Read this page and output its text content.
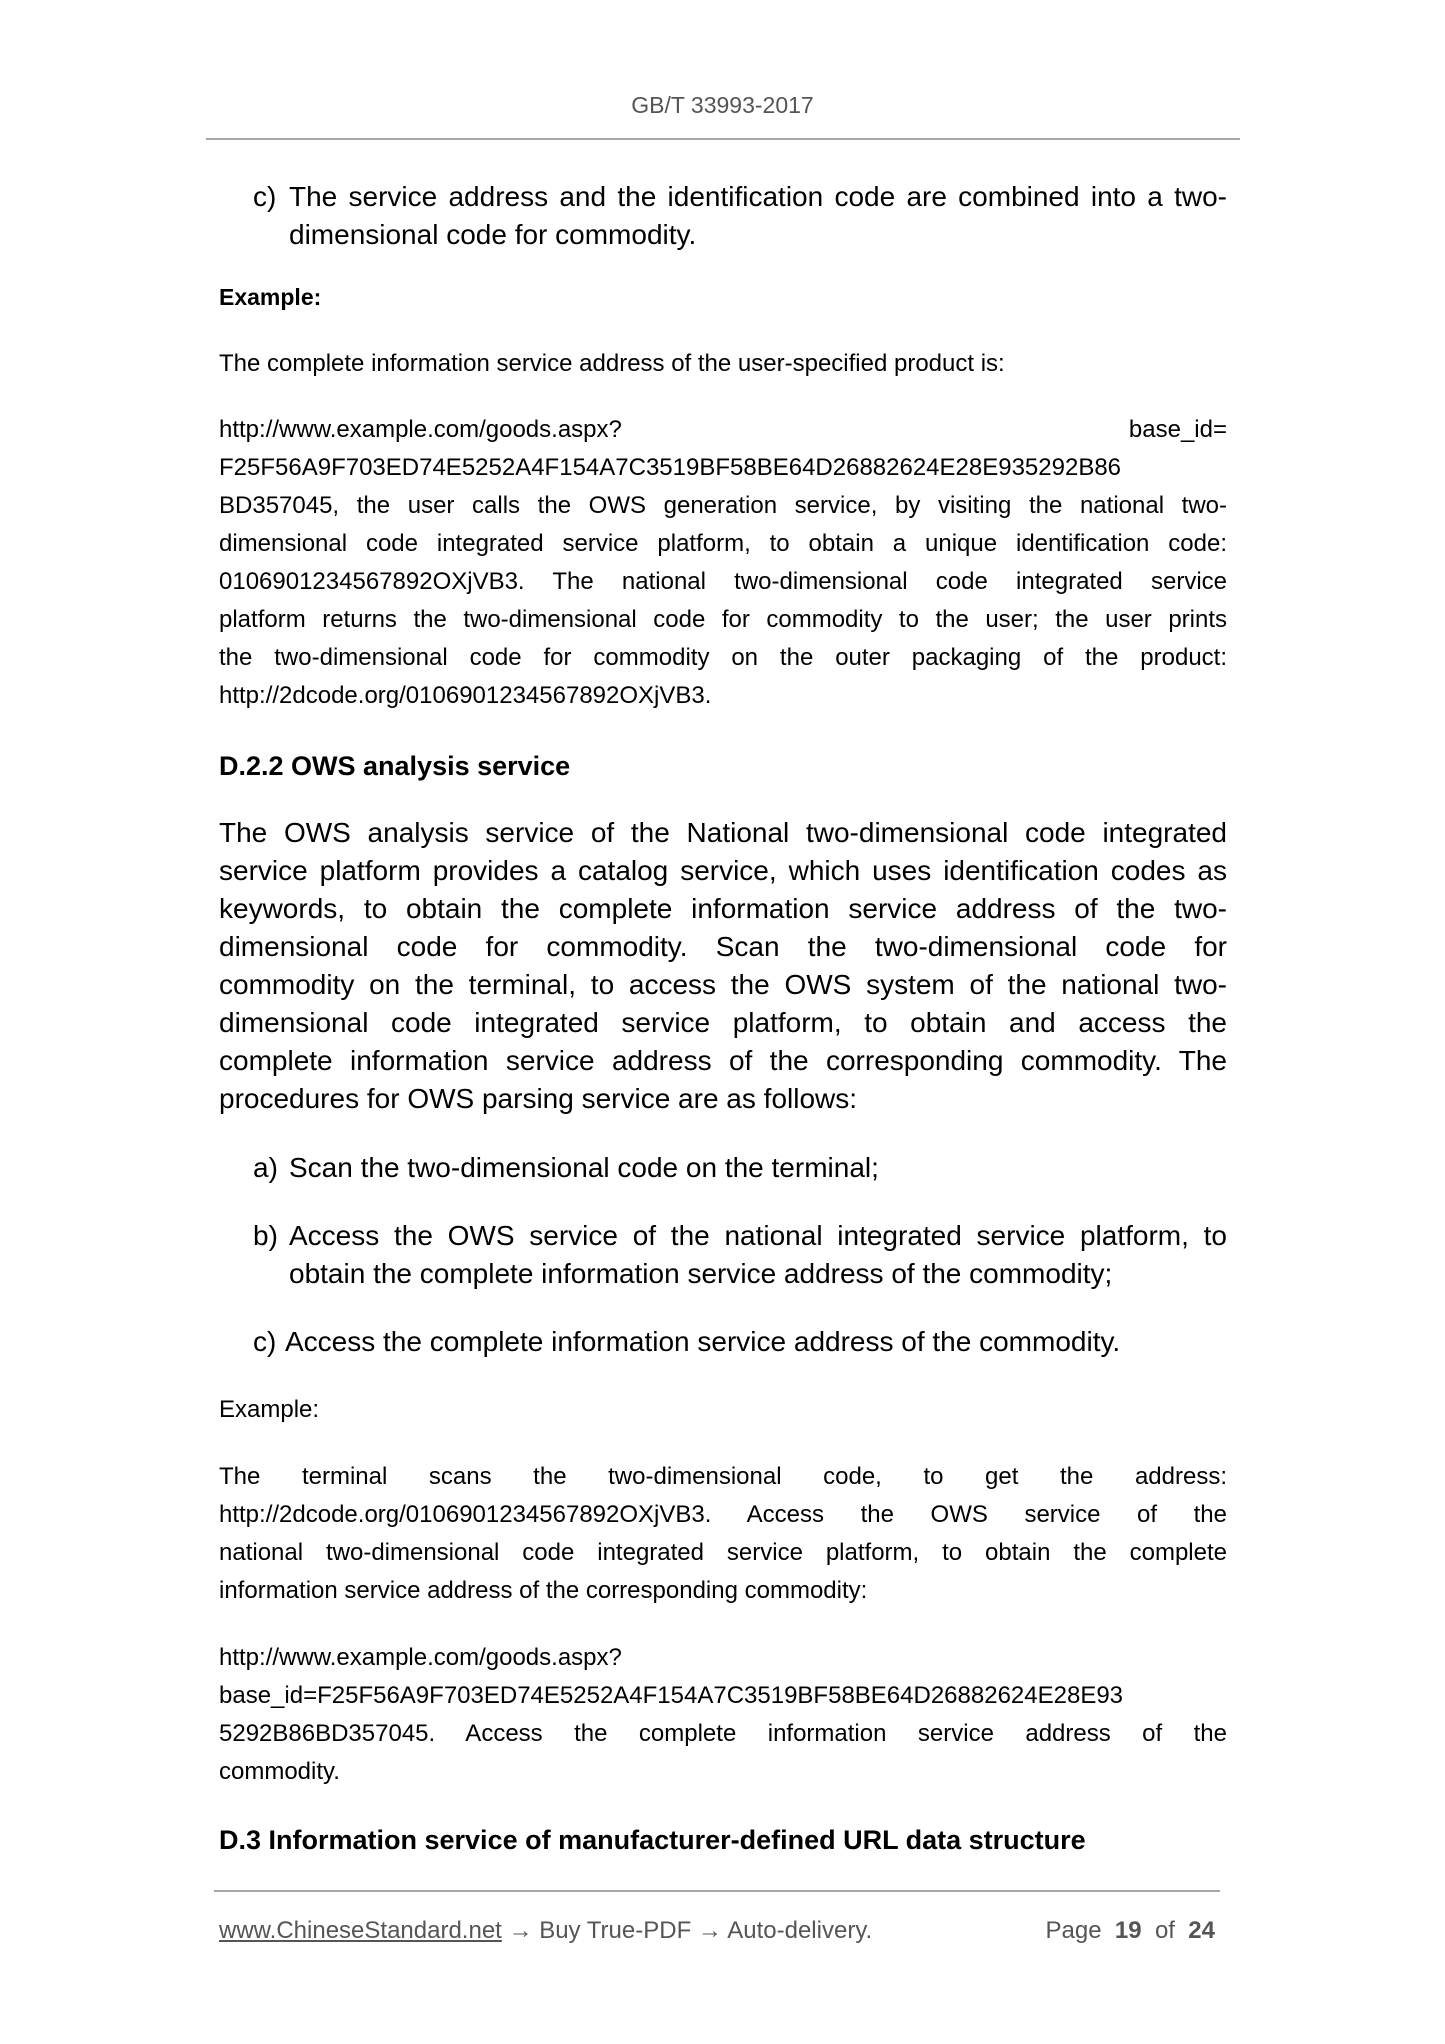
GB/T 33993-2017
c) The service address and the identification code are combined into a two-
dimensional code for commodity.
Example:
The complete information service address of the user-specified product is:
http://www.example.com/goods.aspx?	base_id=
F25F56A9F703ED74E5252A4F154A7C3519BF58BE64D26882624E28E935292B86
BD357045, the user calls the OWS generation service, by visiting the national two-
dimensional code integrated service platform, to obtain a unique identification code:
0106901234567892OXjVB3. The national two-dimensional code integrated service
platform returns the two-dimensional code for commodity to the user; the user prints
the two-dimensional code for commodity on the outer packaging of the product:
http://2dcode.org/0106901234567892OXjVB3.
D.2.2 OWS analysis service
The OWS analysis service of the National two-dimensional code integrated
service platform provides a catalog service, which uses identification codes as
keywords, to obtain the complete information service address of the two-
dimensional code for commodity. Scan the two-dimensional code for
commodity on the terminal, to access the OWS system of the national two-
dimensional code integrated service platform, to obtain and access the
complete information service address of the corresponding commodity. The
procedures for OWS parsing service are as follows:
a) Scan the two-dimensional code on the terminal;
b) Access the OWS service of the national integrated service platform, to
obtain the complete information service address of the commodity;
c) Access the complete information service address of the commodity.
Example:
The terminal scans the two-dimensional code, to get the address:
http://2dcode.org/0106901234567892OXjVB3. Access the OWS service of the
national two-dimensional code integrated service platform, to obtain the complete
information service address of the corresponding commodity:
http://www.example.com/goods.aspx?
base_id=F25F56A9F703ED74E5252A4F154A7C3519BF58BE64D26882624E28E93
5292B86BD357045. Access the complete information service address of the
commodity.
D.3 Information service of manufacturer-defined URL data structure
www.ChineseStandard.net → Buy True-PDF → Auto-delivery.	Page 19 of 24
